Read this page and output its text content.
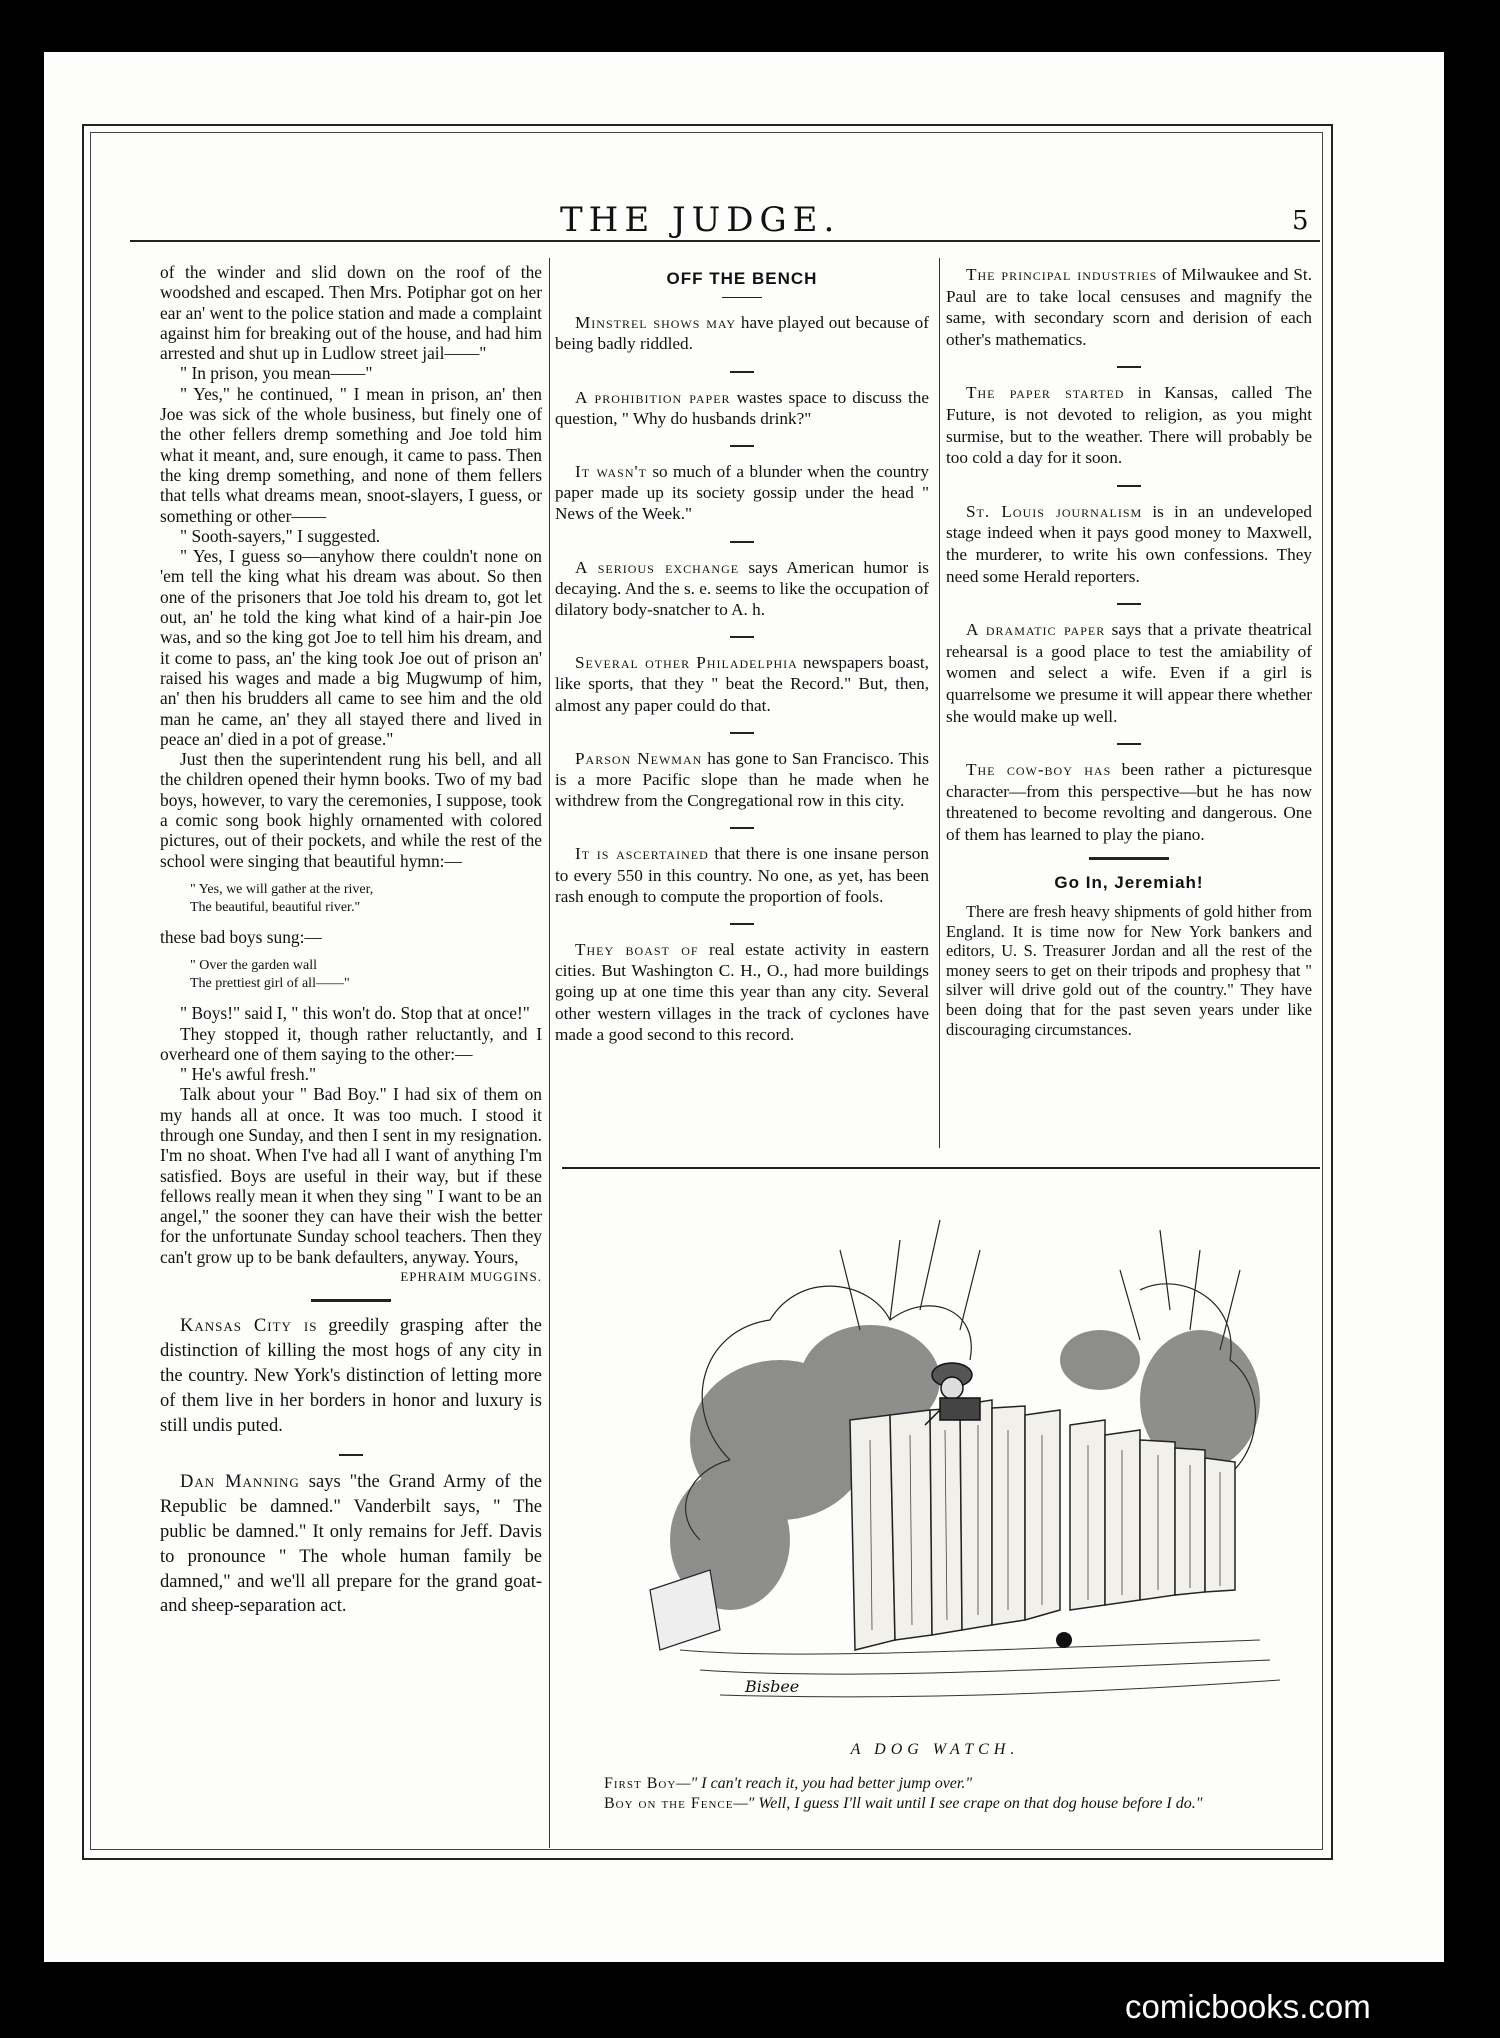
THE JUDGE.	5

of the winder and slid down on the roof of the woodshed and escaped. Then Mrs. Potiphar got on her ear an' went to the police station and made a complaint against him for breaking out of the house, and had him arrested and shut up in Ludlow street jail——"

" In prison, you mean——"

" Yes," he continued, " I mean in prison, an' then Joe was sick of the whole business, but finely one of the other fellers dremp something and Joe told him what it meant, and, sure enough, it came to pass. Then the king dremp something, and none of them fellers that tells what dreams mean, snoot-slayers, I guess, or something or other——

" Sooth-sayers," I suggested.

" Yes, I guess so—anyhow there couldn't none on 'em tell the king what his dream was about. So then one of the prisoners that Joe told his dream to, got let out, an' he told the king what kind of a hair-pin Joe was, and so the king got Joe to tell him his dream, and it come to pass, an' the king took Joe out of prison an' raised his wages and made a big Mugwump of him, an' then his brudders all came to see him and the old man he came, an' they all stayed there and lived in peace an' died in a pot of grease."

Just then the superintendent rung his bell, and all the children opened their hymn books. Two of my bad boys, however, to vary the ceremonies, I suppose, took a comic song book highly ornamented with colored pictures, out of their pockets, and while the rest of the school were singing that beautiful hymn:—

" Yes, we will gather at the river,
The beautiful, beautiful river."

these bad boys sung:—

" Over the garden wall
The prettiest girl of all——"

" Boys!" said I, " this won't do. Stop that at once!"

They stopped it, though rather reluctantly, and I overheard one of them saying to the other:—

" He's awful fresh."

Talk about your " Bad Boy." I had six of them on my hands all at once. It was too much. I stood it through one Sunday, and then I sent in my resignation. I'm no shoat. When I've had all I want of anything I'm satisfied. Boys are useful in their way, but if these fellows really mean it when they sing " I want to be an angel," the sooner they can have their wish the better for the unfortunate Sunday school teachers. Then they can't grow up to be bank defaulters, anyway. Yours,

EPHRAIM MUGGINS.

Kansas City is greedily grasping after the distinction of killing the most hogs of any city in the country. New York's distinction of letting more of them live in her borders in honor and luxury is still undis puted.

Dan Manning says "the Grand Army of the Republic be damned." Vanderbilt says, " The public be damned." It only remains for Jeff. Davis to pronounce " The whole human family be damned," and we'll all prepare for the grand goat-and sheep-separation act.

OFF THE BENCH

Minstrel shows may have played out because of being badly riddled.

A prohibition paper wastes space to discuss the question, " Why do husbands drink?"

It wasn't so much of a blunder when the country paper made up its society gossip under the head " News of the Week."

A serious exchange says American humor is decaying. And the s. e. seems to like the occupation of dilatory body-snatcher to A. h.

Several other Philadelphia newspapers boast, like sports, that they " beat the Record." But, then, almost any paper could do that.

Parson Newman has gone to San Francisco. This is a more Pacific slope than he made when he withdrew from the Congregational row in this city.

It is ascertained that there is one insane person to every 550 in this country. No one, as yet, has been rash enough to compute the proportion of fools.

They boast of real estate activity in eastern cities. But Washington C. H., O., had more buildings going up at one time this year than any city. Several other western villages in the track of cyclones have made a good second to this record.

The principal industries of Milwaukee and St. Paul are to take local censuses and magnify the same, with secondary scorn and derision of each other's mathematics.

The paper started in Kansas, called The Future, is not devoted to religion, as you might surmise, but to the weather. There will probably be too cold a day for it soon.

St. Louis journalism is in an undeveloped stage indeed when it pays good money to Maxwell, the murderer, to write his own confessions. They need some Herald reporters.

A dramatic paper says that a private theatrical rehearsal is a good place to test the amiability of women and select a wife. Even if a girl is quarrelsome we presume it will appear there whether she would make up well.

The cow-boy has been rather a picturesque character—from this perspective—but he has now threatened to become revolting and dangerous. One of them has learned to play the piano.

Go In, Jeremiah!

There are fresh heavy shipments of gold hither from England. It is time now for New York bankers and editors, U. S. Treasurer Jordan and all the rest of the money seers to get on their tripods and prophesy that " silver will drive gold out of the country." They have been doing that for the past seven years under like discouraging circumstances.

Bisbee
A DOG WATCH.
First Boy—" I can't reach it, you had better jump over."
Boy on the Fence—" Well, I guess I'll wait until I see crape on that dog house before I do."
comicbooks.com
